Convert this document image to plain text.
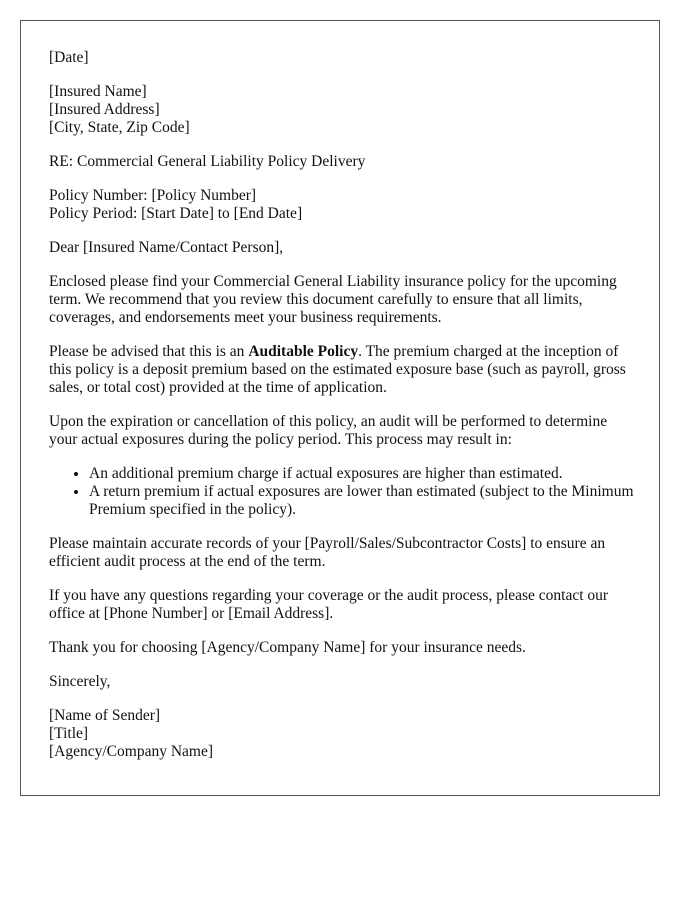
[Date]

[Insured Name]
[Insured Address]
[City, State, Zip Code]

RE: Commercial General Liability Policy Delivery

Policy Number: [Policy Number]
Policy Period: [Start Date] to [End Date]

Dear [Insured Name/Contact Person],

Enclosed please find your Commercial General Liability insurance policy for the upcoming term. We recommend that you review this document carefully to ensure that all limits, coverages, and endorsements meet your business requirements.

Please be advised that this is an Auditable Policy. The premium charged at the inception of this policy is a deposit premium based on the estimated exposure base (such as payroll, gross sales, or total cost) provided at the time of application.

Upon the expiration or cancellation of this policy, an audit will be performed to determine your actual exposures during the policy period. This process may result in:

• An additional premium charge if actual exposures are higher than estimated.
• A return premium if actual exposures are lower than estimated (subject to the Minimum Premium specified in the policy).

Please maintain accurate records of your [Payroll/Sales/Subcontractor Costs] to ensure an efficient audit process at the end of the term.

If you have any questions regarding your coverage or the audit process, please contact our office at [Phone Number] or [Email Address].

Thank you for choosing [Agency/Company Name] for your insurance needs.

Sincerely,

[Name of Sender]
[Title]
[Agency/Company Name]
